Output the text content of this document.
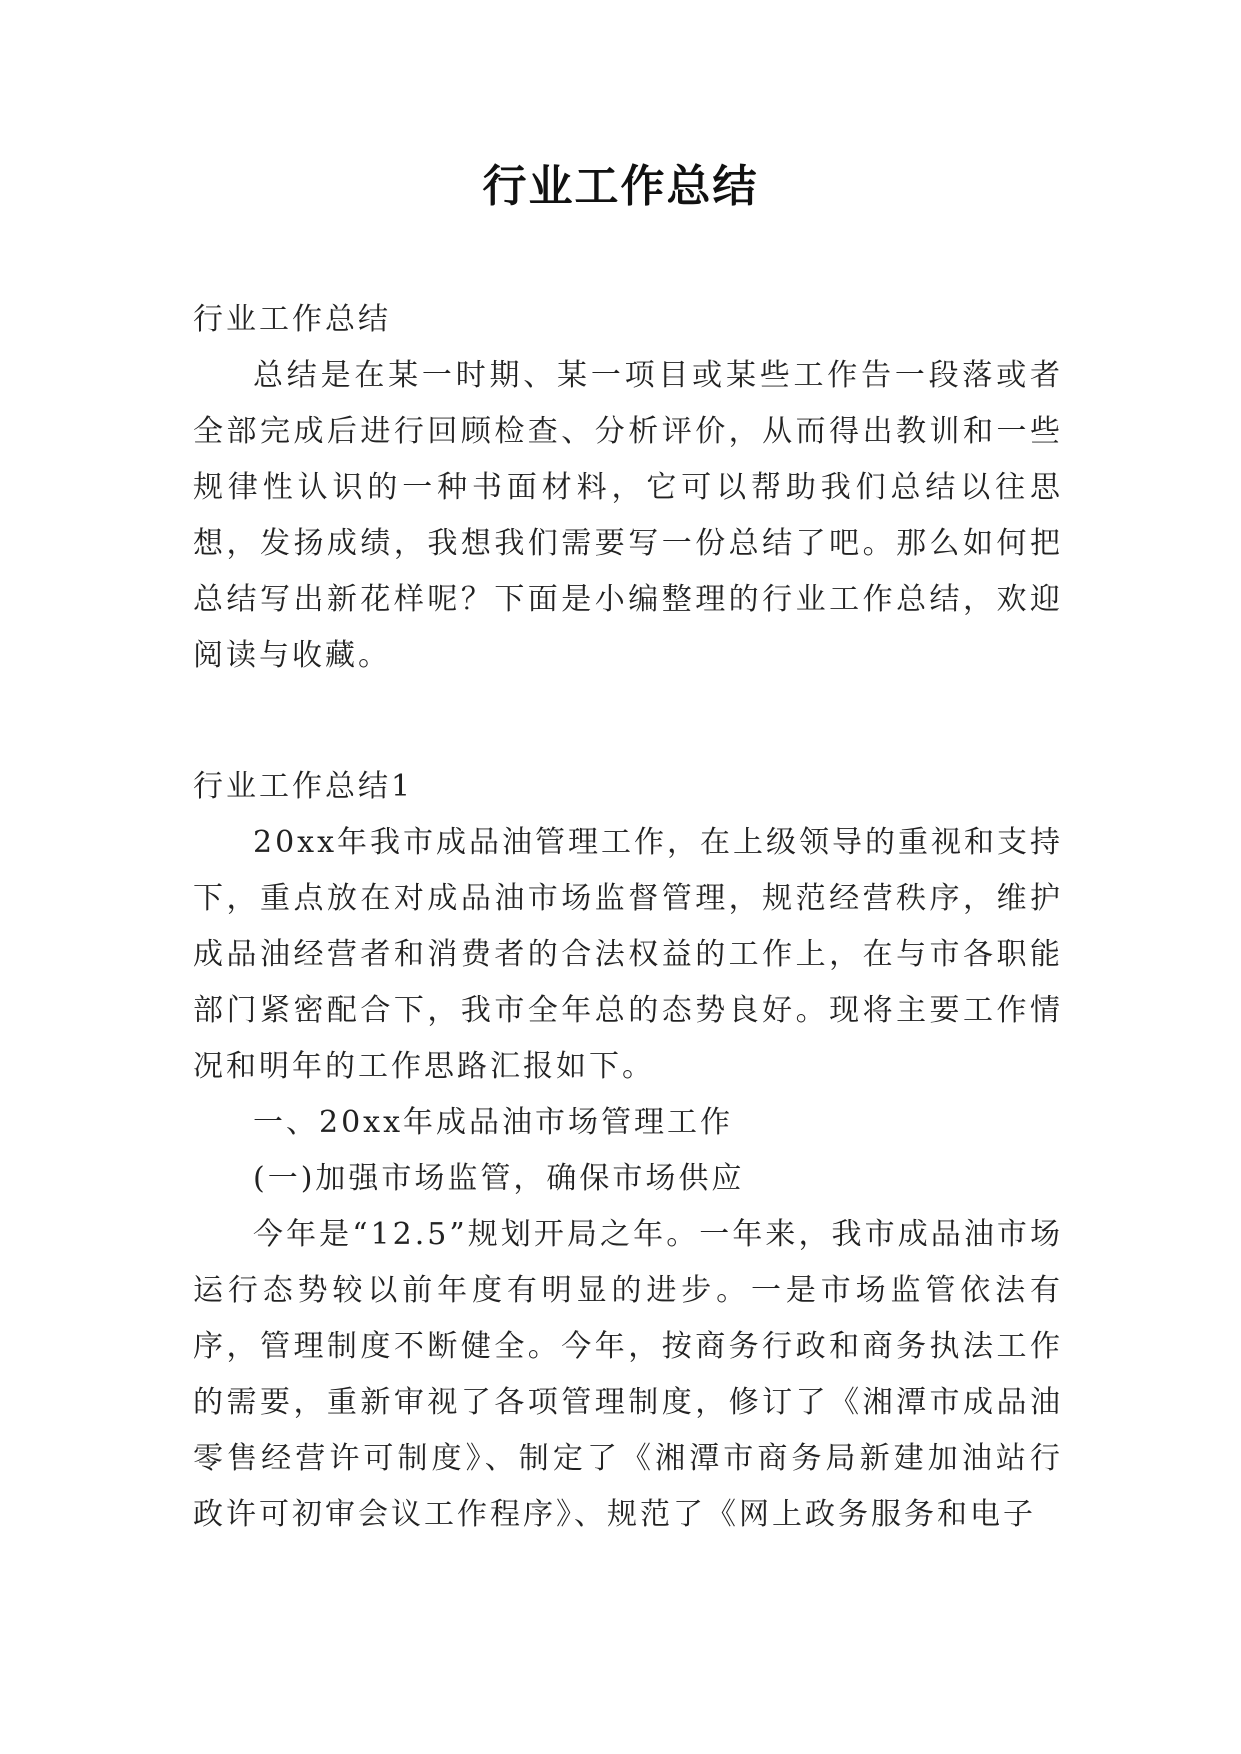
行业工作总结

行业工作总结

总结是在某一时期、某一项目或某些工作告一段落或者全部完成后进行回顾检查、分析评价，从而得出教训和一些规律性认识的一种书面材料，它可以帮助我们总结以往思想，发扬成绩，我想我们需要写一份总结了吧。那么如何把总结写出新花样呢？下面是小编整理的行业工作总结，欢迎阅读与收藏。

行业工作总结1

20xx年我市成品油管理工作，在上级领导的重视和支持下，重点放在对成品油市场监督管理，规范经营秩序，维护成品油经营者和消费者的合法权益的工作上，在与市各职能部门紧密配合下，我市全年总的态势良好。现将主要工作情况和明年的工作思路汇报如下。

一、20xx年成品油市场管理工作

(一)加强市场监管，确保市场供应

今年是“12.5”规划开局之年。一年来，我市成品油市场运行态势较以前年度有明显的进步。一是市场监管依法有序，管理制度不断健全。今年，按商务行政和商务执法工作的需要，重新审视了各项管理制度，修订了《湘潭市成品油零售经营许可制度》、制定了《湘潭市商务局新建加油站行政许可初审会议工作程序》、规范了《网上政务服务和电子
